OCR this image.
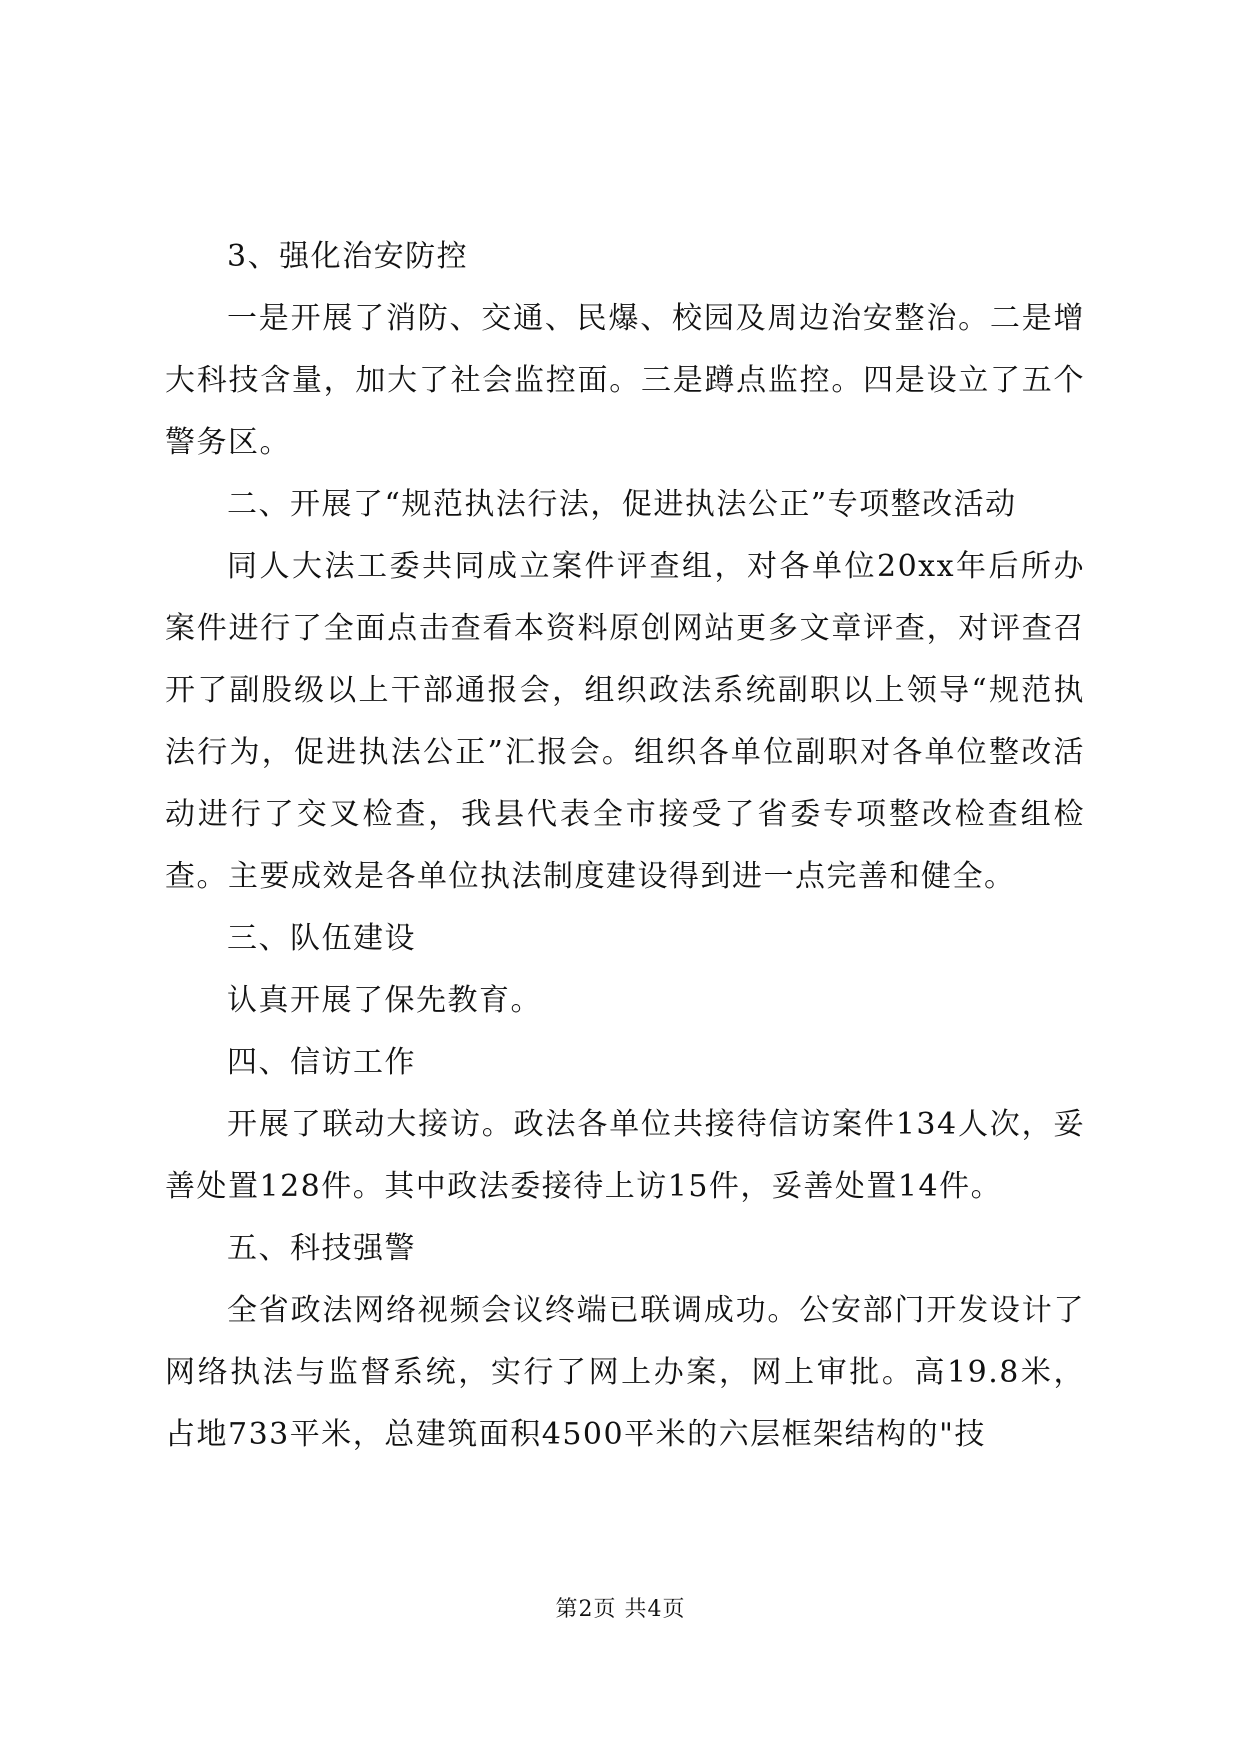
3、强化治安防控

一是开展了消防、交通、民爆、校园及周边治安整治。二是增大科技含量，加大了社会监控面。三是蹲点监控。四是设立了五个警务区。

二、开展了“规范执法行法，促进执法公正”专项整改活动

同人大法工委共同成立案件评查组，对各单位20xx年后所办案件进行了全面点击查看本资料原创网站更多文章评查，对评查召开了副股级以上干部通报会，组织政法系统副职以上领导“规范执法行为，促进执法公正”汇报会。组织各单位副职对各单位整改活动进行了交叉检查，我县代表全市接受了省委专项整改检查组检查。主要成效是各单位执法制度建设得到进一点完善和健全。

三、队伍建设

认真开展了保先教育。

四、信访工作

开展了联动大接访。政法各单位共接待信访案件134人次，妥善处置128件。其中政法委接待上访15件，妥善处置14件。

五、科技强警

全省政法网络视频会议终端已联调成功。公安部门开发设计了网络执法与监督系统，实行了网上办案，网上审批。高19.8米，占地733平米，总建筑面积4500平米的六层框架结构的"技

第2页 共4页
